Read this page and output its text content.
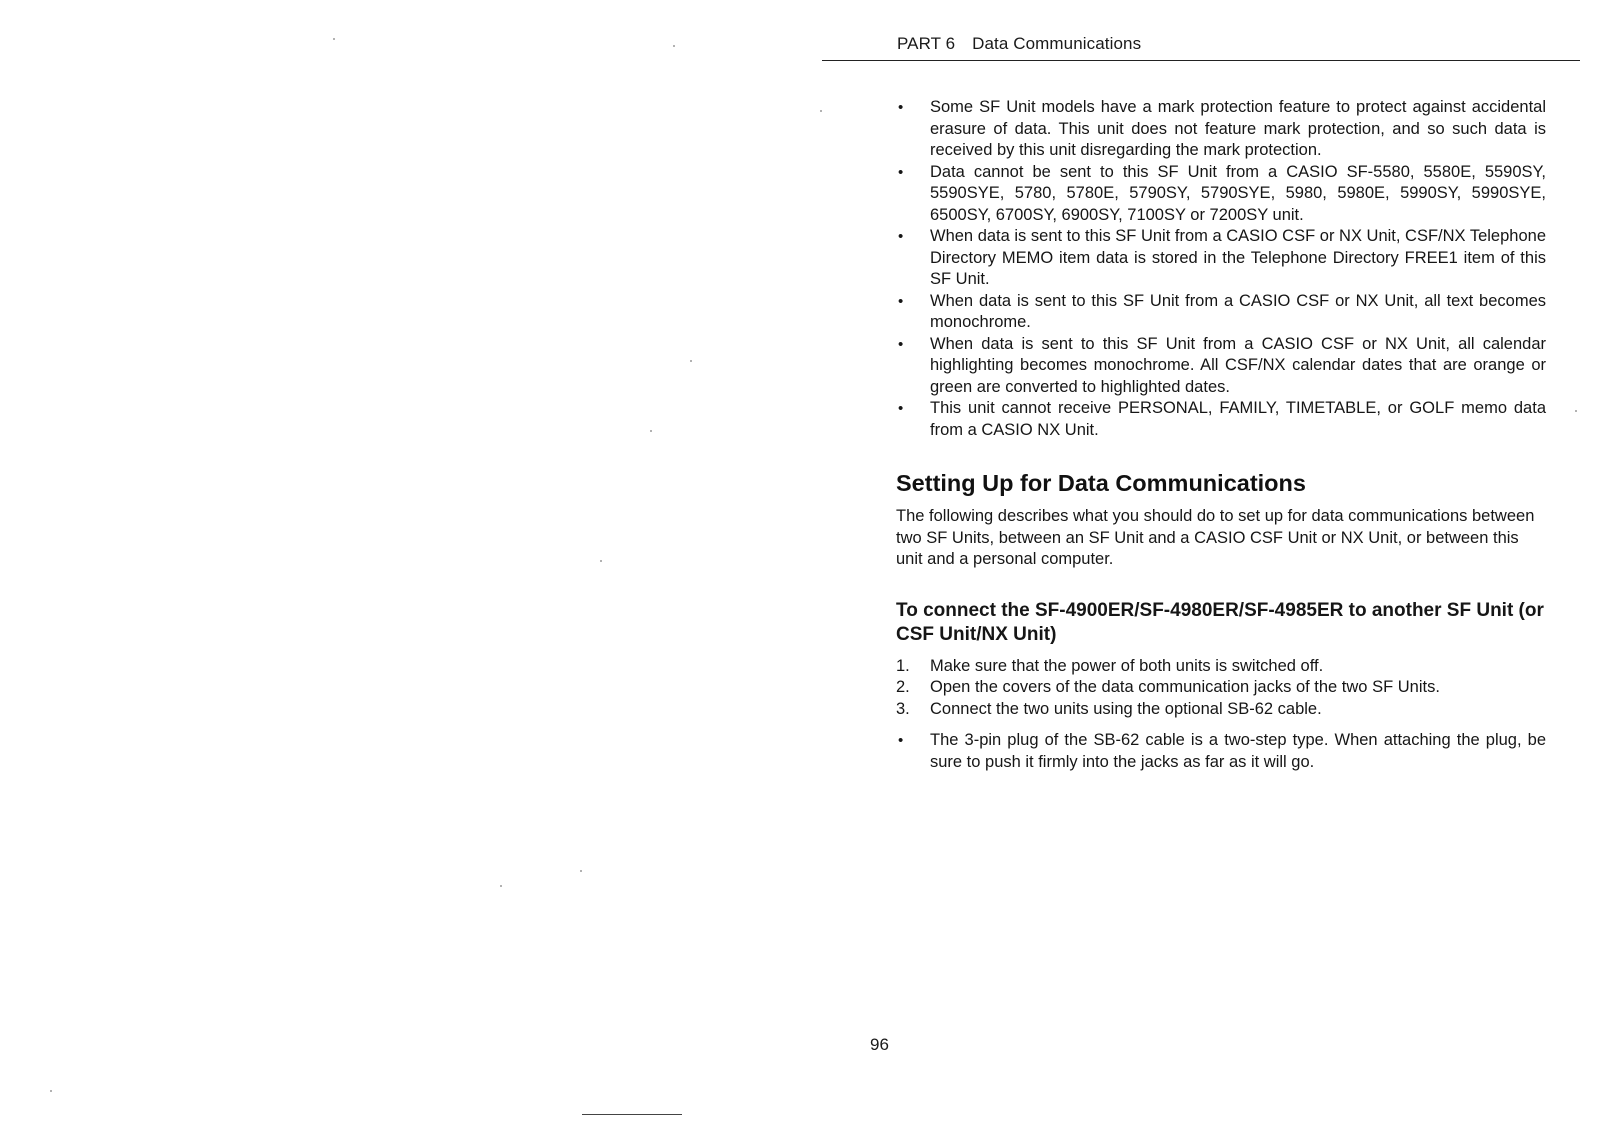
PART 6 Data Communications
• Some SF Unit models have a mark protection feature to protect against accidental erasure of data. This unit does not feature mark protection, and so such data is received by this unit disregarding the mark protection.
• Data cannot be sent to this SF Unit from a CASIO SF-5580, 5580E, 5590SY, 5590SYE, 5780, 5780E, 5790SY, 5790SYE, 5980, 5980E, 5990SY, 5990SYE, 6500SY, 6700SY, 6900SY, 7100SY or 7200SY unit.
• When data is sent to this SF Unit from a CASIO CSF or NX Unit, CSF/NX Telephone Directory MEMO item data is stored in the Telephone Directory FREE1 item of this SF Unit.
• When data is sent to this SF Unit from a CASIO CSF or NX Unit, all text becomes monochrome.
• When data is sent to this SF Unit from a CASIO CSF or NX Unit, all calendar highlighting becomes monochrome. All CSF/NX calendar dates that are orange or green are converted to highlighted dates.
• This unit cannot receive PERSONAL, FAMILY, TIMETABLE, or GOLF memo data from a CASIO NX Unit.
Setting Up for Data Communications

The following describes what you should do to set up for data communications between two SF Units, between an SF Unit and a CASIO CSF Unit or NX Unit, or between this unit and a personal computer.

To connect the SF-4900ER/SF-4980ER/SF-4985ER to another SF Unit (or CSF Unit/NX Unit)
1. Make sure that the power of both units is switched off.
2. Open the covers of the data communication jacks of the two SF Units.
3. Connect the two units using the optional SB-62 cable.
• The 3-pin plug of the SB-62 cable is a two-step type. When attaching the plug, be sure to push it firmly into the jacks as far as it will go.
96
